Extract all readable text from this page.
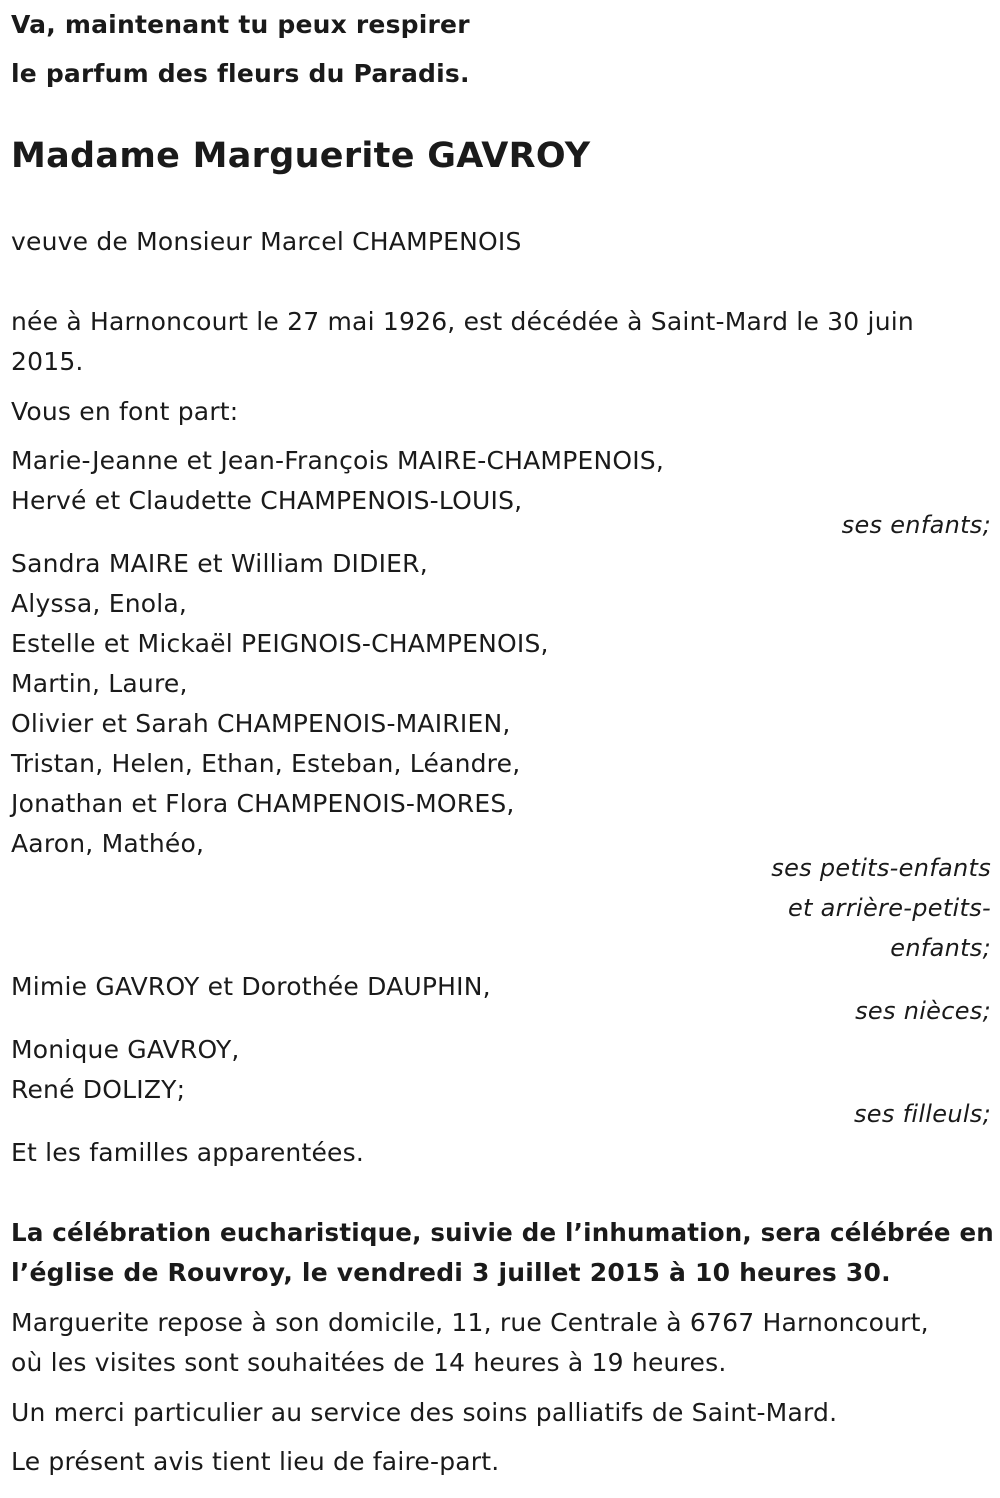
Va, maintenant tu peux respirer
le parfum des fleurs du Paradis.
Madame Marguerite GAVROY
veuve de Monsieur Marcel CHAMPENOIS
née à Harnoncourt le 27 mai 1926, est décédée à Saint-Mard le 30 juin
2015.
Vous en font part:
Marie-Jeanne et Jean-François MAIRE-CHAMPENOIS,
Hervé et Claudette CHAMPENOIS-LOUIS,
ses enfants;
Sandra MAIRE et William DIDIER,
Alyssa, Enola,
Estelle et Mickaël PEIGNOIS-CHAMPENOIS,
Martin, Laure,
Olivier et Sarah CHAMPENOIS-MAIRIEN,
Tristan, Helen, Ethan, Esteban, Léandre,
Jonathan et Flora CHAMPENOIS-MORES,
Aaron, Mathéo,
ses petits-enfants
et arrière-petits-
enfants;
Mimie GAVROY et Dorothée DAUPHIN,
ses nièces;
Monique GAVROY,
René DOLIZY;
ses filleuls;
Et les familles apparentées.
La célébration eucharistique, suivie de l’inhumation, sera célébrée en
l’église de Rouvroy, le vendredi 3 juillet 2015 à 10 heures 30.
Marguerite repose à son domicile, 11, rue Centrale à 6767 Harnoncourt,
où les visites sont souhaitées de 14 heures à 19 heures.
Un merci particulier au service des soins palliatifs de Saint-Mard.
Le présent avis tient lieu de faire-part.
